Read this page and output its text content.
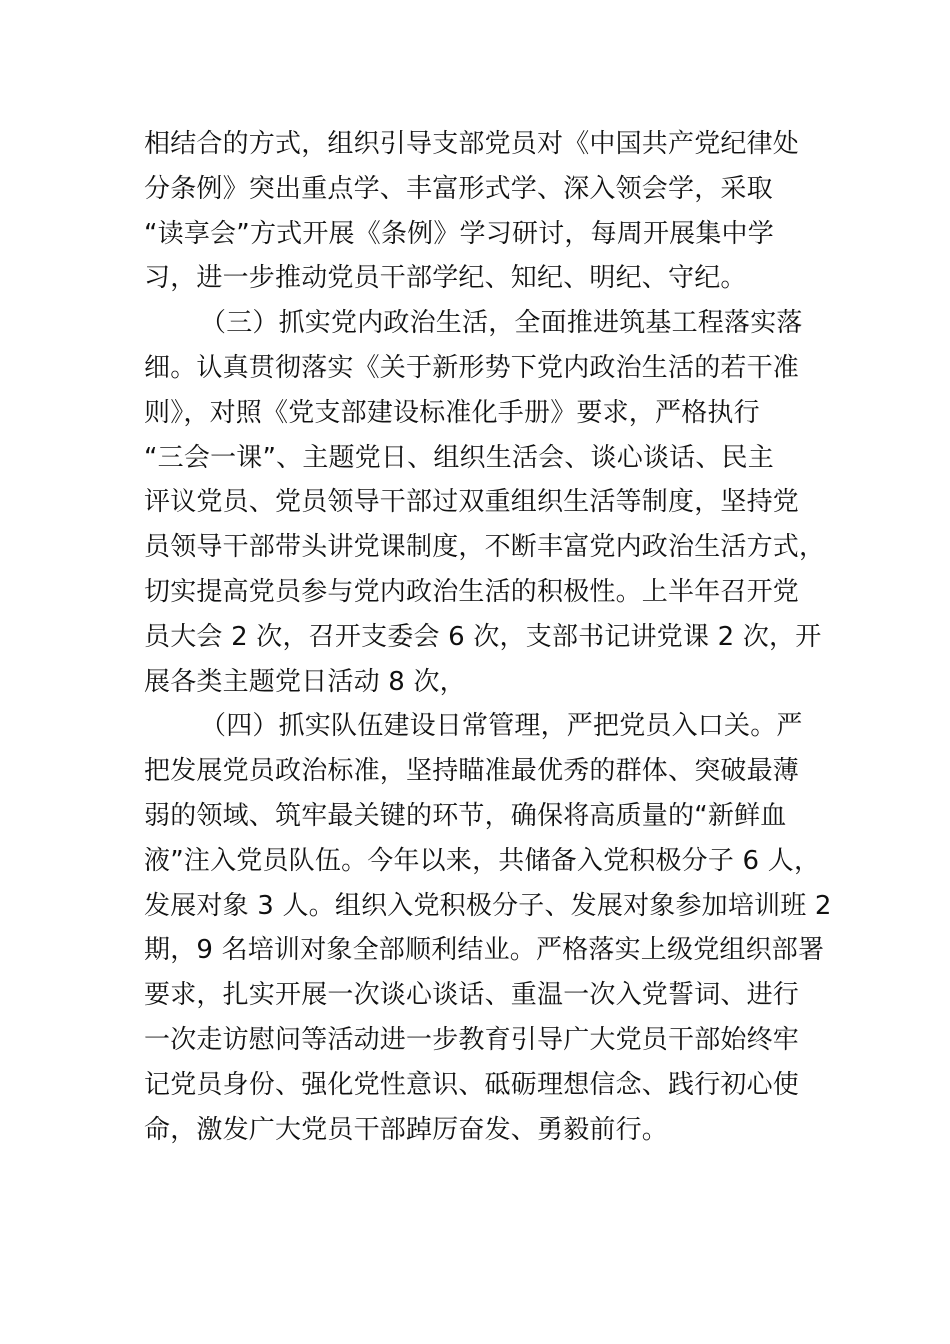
相结合的方式，组织引导支部党员对《中国共产党纪律处
分条例》突出重点学、丰富形式学、深入领会学，采取
“读享会”方式开展《条例》学习研讨，每周开展集中学
习，进一步推动党员干部学纪、知纪、明纪、守纪。
（三）抓实党内政治生活，全面推进筑基工程落实落
细。认真贯彻落实《关于新形势下党内政治生活的若干准
则》，对照《党支部建设标准化手册》要求，严格执行
“三会一课”、主题党日、组织生活会、谈心谈话、民主
评议党员、党员领导干部过双重组织生活等制度，坚持党
员领导干部带头讲党课制度，不断丰富党内政治生活方式，
切实提高党员参与党内政治生活的积极性。上半年召开党
员大会 2 次，召开支委会 6 次，支部书记讲党课 2 次，开
展各类主题党日活动 8 次，
（四）抓实队伍建设日常管理，严把党员入口关。严
把发展党员政治标准，坚持瞄准最优秀的群体、突破最薄
弱的领域、筑牢最关键的环节，确保将高质量的“新鲜血
液”注入党员队伍。今年以来，共储备入党积极分子 6 人，
发展对象 3 人。组织入党积极分子、发展对象参加培训班 2
期，9 名培训对象全部顺利结业。严格落实上级党组织部署
要求，扎实开展一次谈心谈话、重温一次入党誓词、进行
一次走访慰问等活动进一步教育引导广大党员干部始终牢
记党员身份、强化党性意识、砥砺理想信念、践行初心使
命，激发广大党员干部踔厉奋发、勇毅前行。
